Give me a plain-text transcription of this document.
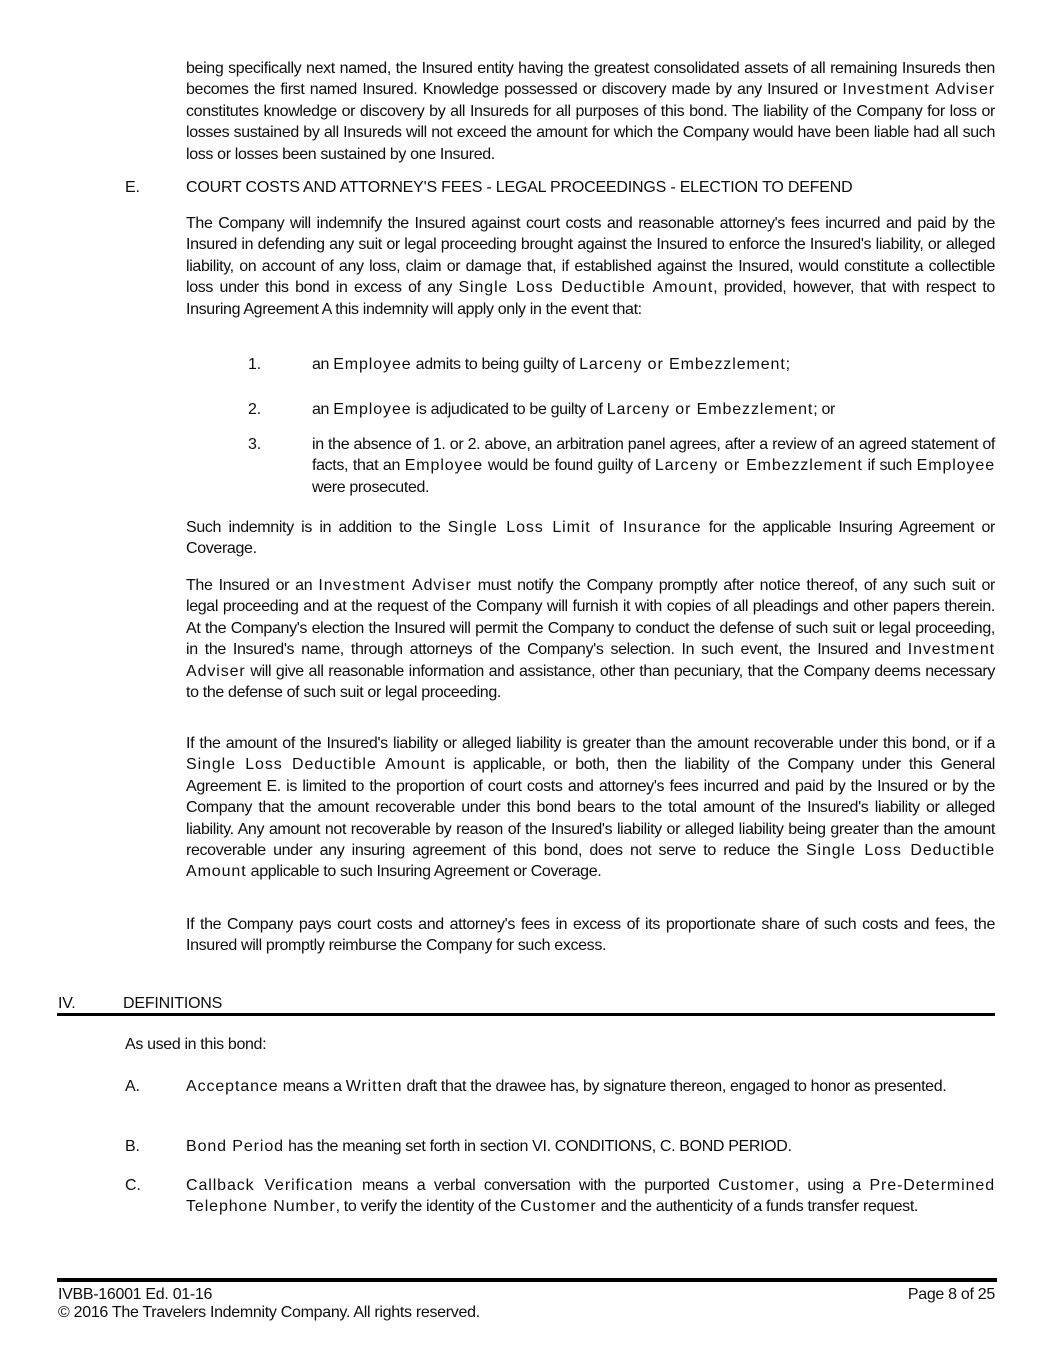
being specifically next named, the Insured entity having the greatest consolidated assets of all remaining Insureds then becomes the first named Insured. Knowledge possessed or discovery made by any Insured or Investment Adviser constitutes knowledge or discovery by all Insureds for all purposes of this bond. The liability of the Company for loss or losses sustained by all Insureds will not exceed the amount for which the Company would have been liable had all such loss or losses been sustained by one Insured.

E.	COURT COSTS AND ATTORNEY'S FEES - LEGAL PROCEEDINGS - ELECTION TO DEFEND

The Company will indemnify the Insured against court costs and reasonable attorney's fees incurred and paid by the Insured in defending any suit or legal proceeding brought against the Insured to enforce the Insured's liability, or alleged liability, on account of any loss, claim or damage that, if established against the Insured, would constitute a collectible loss under this bond in excess of any Single Loss Deductible Amount, provided, however, that with respect to Insuring Agreement A this indemnity will apply only in the event that:

1.	an Employee admits to being guilty of Larceny or Embezzlement;

2.	an Employee is adjudicated to be guilty of Larceny or Embezzlement; or

3.	in the absence of 1. or 2. above, an arbitration panel agrees, after a review of an agreed statement of facts, that an Employee would be found guilty of Larceny or Embezzlement if such Employee were prosecuted.

Such indemnity is in addition to the Single Loss Limit of Insurance for the applicable Insuring Agreement or Coverage.

The Insured or an Investment Adviser must notify the Company promptly after notice thereof, of any such suit or legal proceeding and at the request of the Company will furnish it with copies of all pleadings and other papers therein. At the Company's election the Insured will permit the Company to conduct the defense of such suit or legal proceeding, in the Insured's name, through attorneys of the Company's selection. In such event, the Insured and Investment Adviser will give all reasonable information and assistance, other than pecuniary, that the Company deems necessary to the defense of such suit or legal proceeding.

If the amount of the Insured's liability or alleged liability is greater than the amount recoverable under this bond, or if a Single Loss Deductible Amount is applicable, or both, then the liability of the Company under this General Agreement E. is limited to the proportion of court costs and attorney's fees incurred and paid by the Insured or by the Company that the amount recoverable under this bond bears to the total amount of the Insured's liability or alleged liability. Any amount not recoverable by reason of the Insured's liability or alleged liability being greater than the amount recoverable under any insuring agreement of this bond, does not serve to reduce the Single Loss Deductible Amount applicable to such Insuring Agreement or Coverage.

If the Company pays court costs and attorney's fees in excess of its proportionate share of such costs and fees, the Insured will promptly reimburse the Company for such excess.

IV.	DEFINITIONS

As used in this bond:

A.	Acceptance means a Written draft that the drawee has, by signature thereon, engaged to honor as presented.

B.	Bond Period has the meaning set forth in section VI. CONDITIONS, C. BOND PERIOD.

C.	Callback Verification means a verbal conversation with the purported Customer, using a Pre-Determined Telephone Number, to verify the identity of the Customer and the authenticity of a funds transfer request.

IVBB-16001 Ed. 01-16	Page 8 of 25

© 2016 The Travelers Indemnity Company. All rights reserved.
